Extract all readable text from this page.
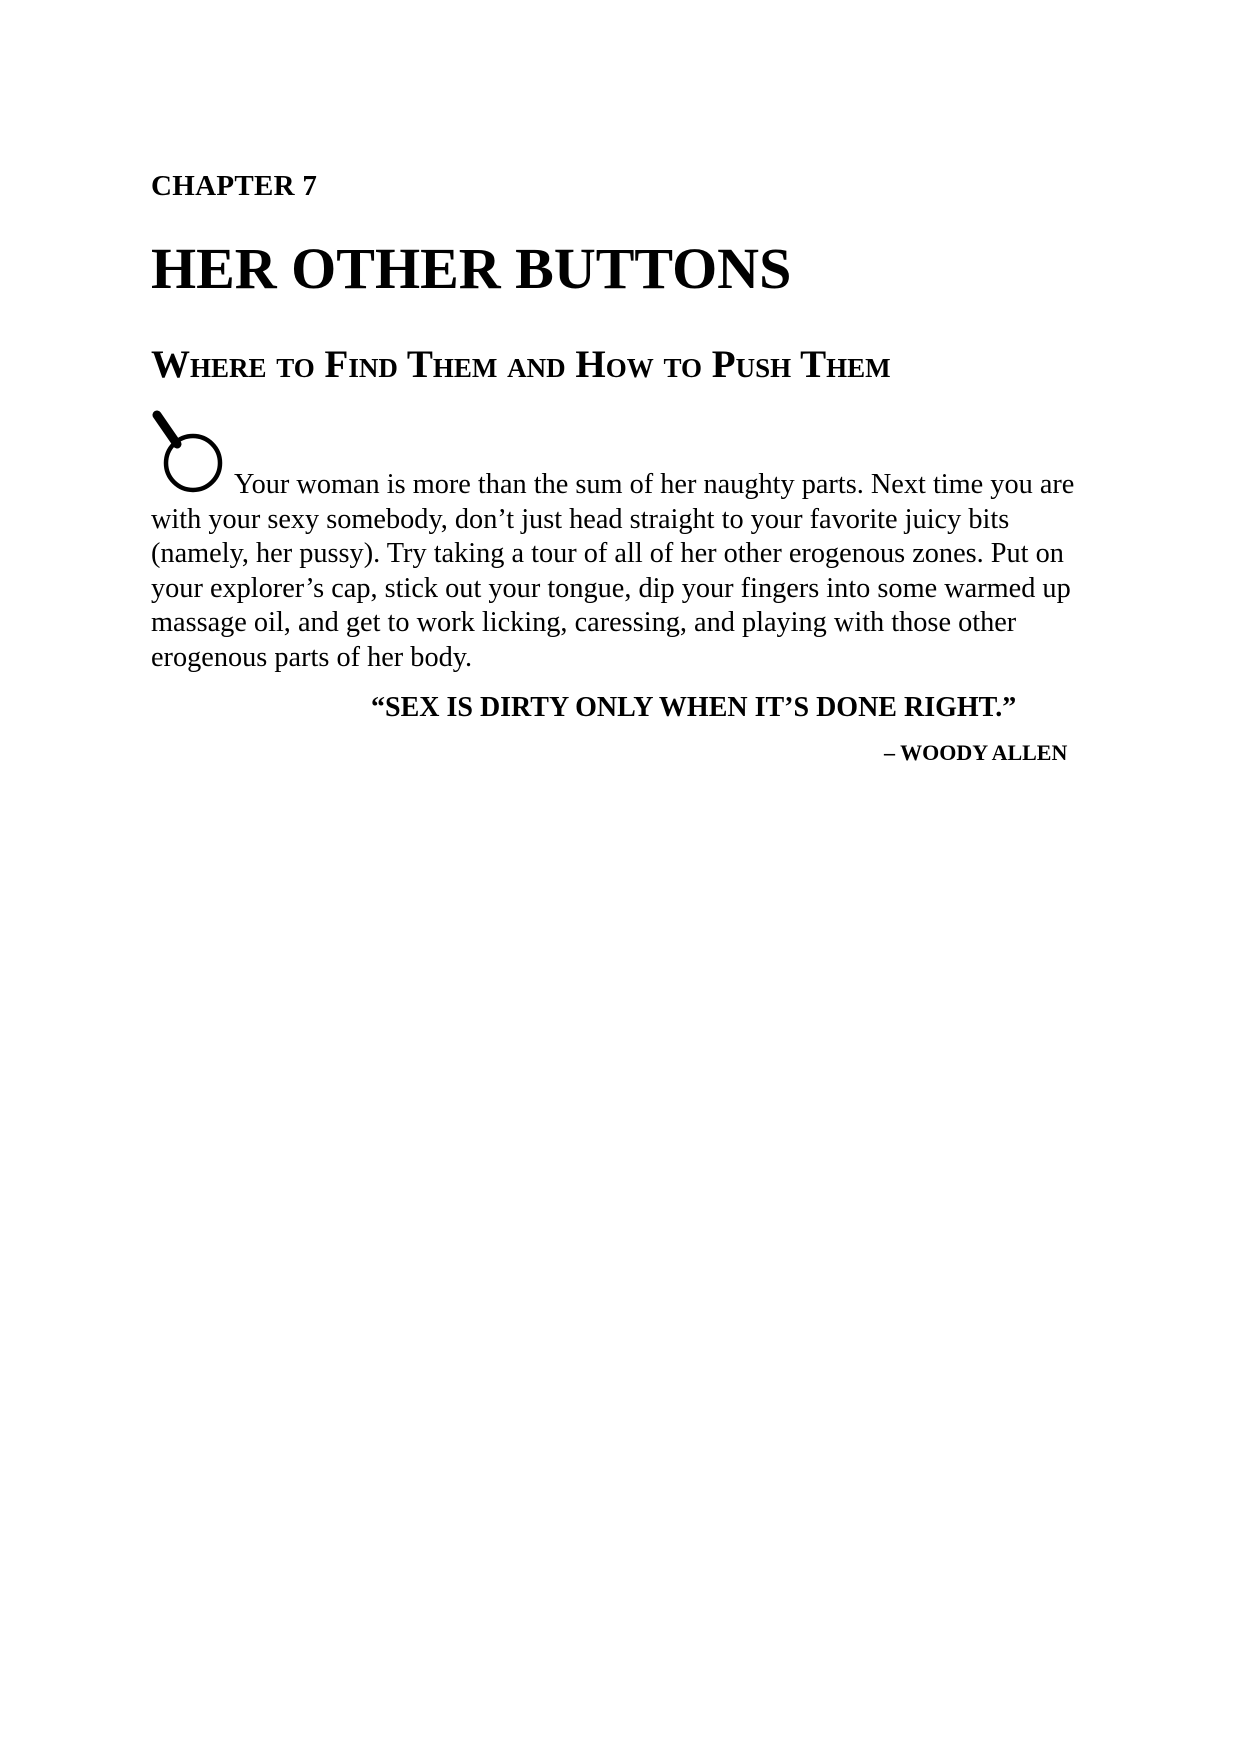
CHAPTER 7
HER OTHER BUTTONS
Where to Find Them and How to Push Them

Your woman is more than the sum of her naughty parts. Next time you are with your sexy somebody, don’t just head straight to your favorite juicy bits (namely, her pussy). Try taking a tour of all of her other erogenous zones. Put on your explorer’s cap, stick out your tongue, dip your fingers into some warmed up massage oil, and get to work licking, caressing, and playing with those other erogenous parts of her body.

“SEX IS DIRTY ONLY WHEN IT’S DONE RIGHT.”
– WOODY ALLEN
